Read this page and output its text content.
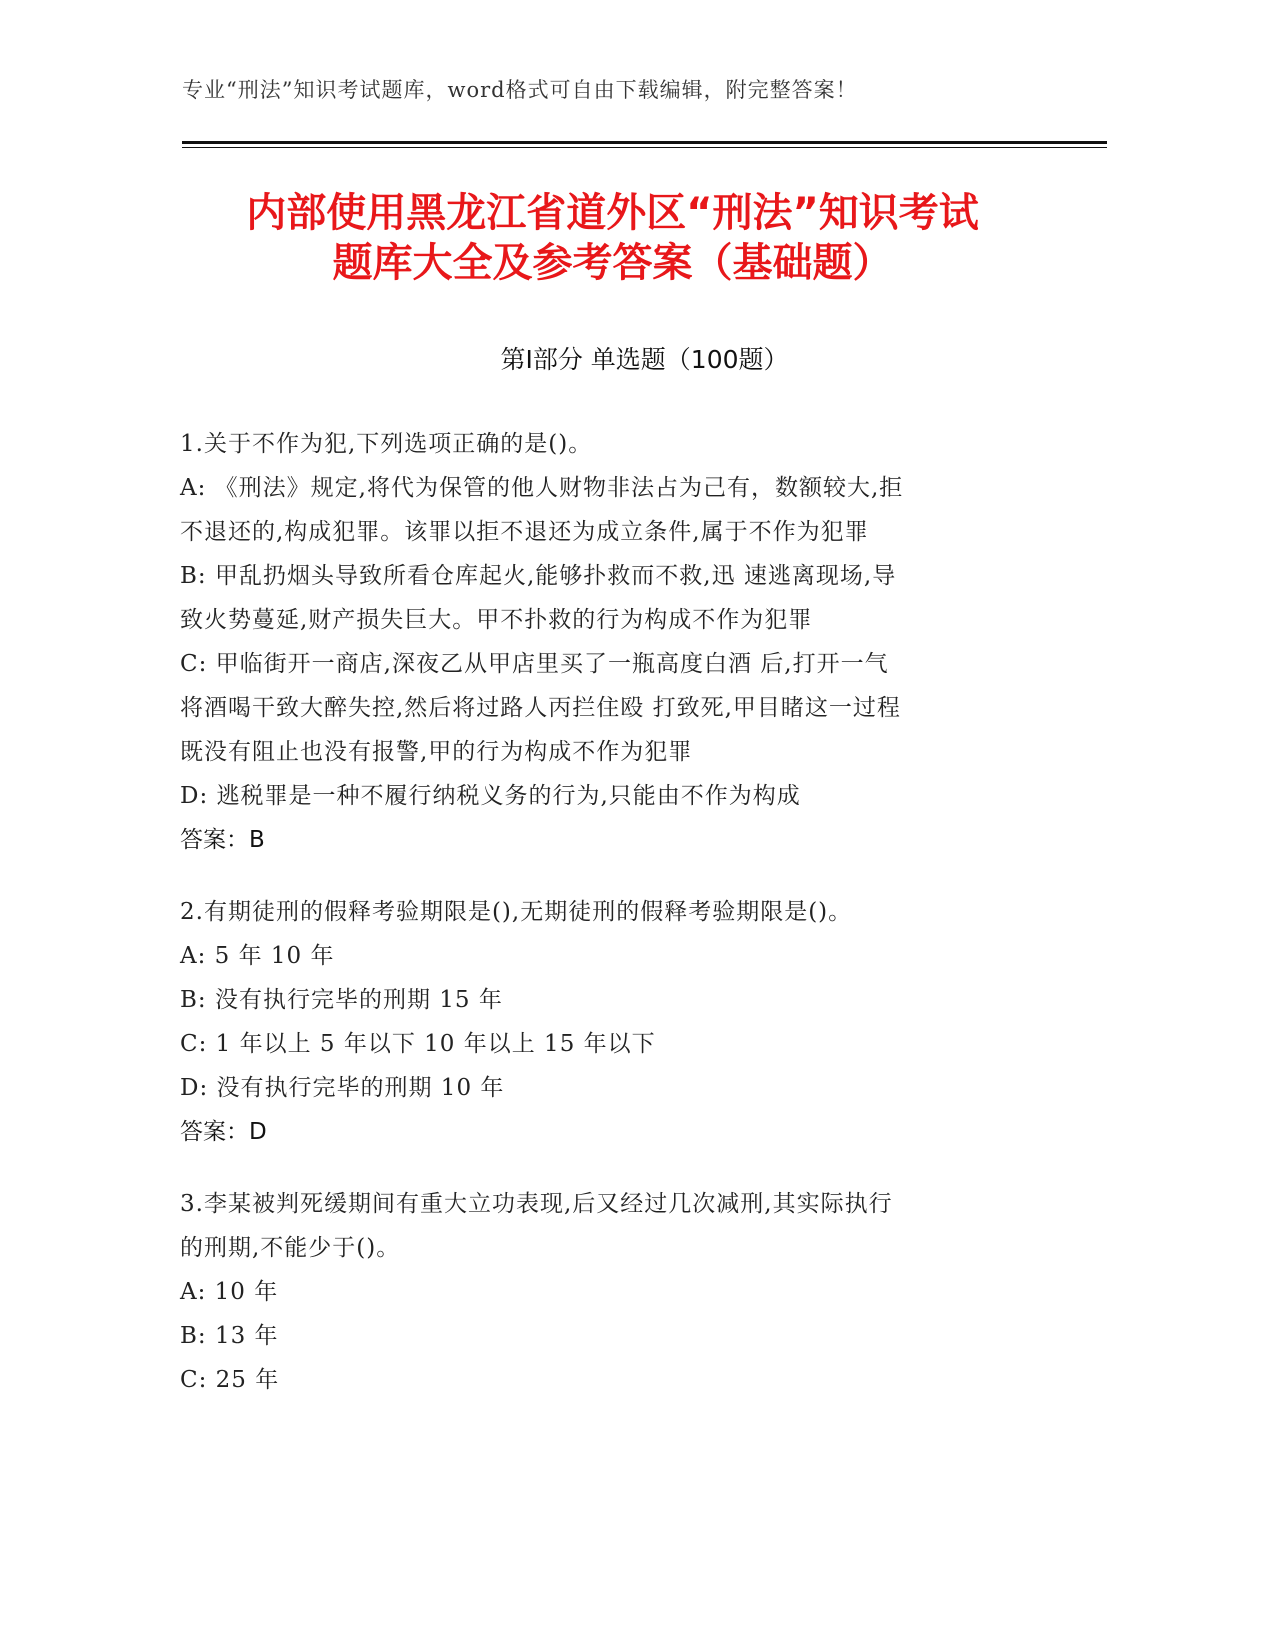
专业“刑法”知识考试题库，word格式可自由下载编辑，附完整答案！
内部使用黑龙江省道外区“刑法”知识考试
题库大全及参考答案（基础题）
第Ⅰ部分 单选题（100题）
1.关于不作为犯,下列选项正确的是()。
A: 《刑法》规定,将代为保管的他人财物非法占为己有，数额较大,拒
不退还的,构成犯罪。该罪以拒不退还为成立条件,属于不作为犯罪
B: 甲乱扔烟头导致所看仓库起火,能够扑救而不救,迅 速逃离现场,导
致火势蔓延,财产损失巨大。甲不扑救的行为构成不作为犯罪
C: 甲临街开一商店,深夜乙从甲店里买了一瓶高度白酒 后,打开一气
将酒喝干致大醉失控,然后将过路人丙拦住殴 打致死,甲目睹这一过程
既没有阻止也没有报警,甲的行为构成不作为犯罪
D: 逃税罪是一种不履行纳税义务的行为,只能由不作为构成
答案：B
2.有期徒刑的假释考验期限是(),无期徒刑的假释考验期限是()。
A: 5 年 10 年
B: 没有执行完毕的刑期 15 年
C: 1 年以上 5 年以下 10 年以上 15 年以下
D: 没有执行完毕的刑期 10 年
答案：D
3.李某被判死缓期间有重大立功表现,后又经过几次减刑,其实际执行
的刑期,不能少于()。
A: 10 年
B: 13 年
C: 25 年
